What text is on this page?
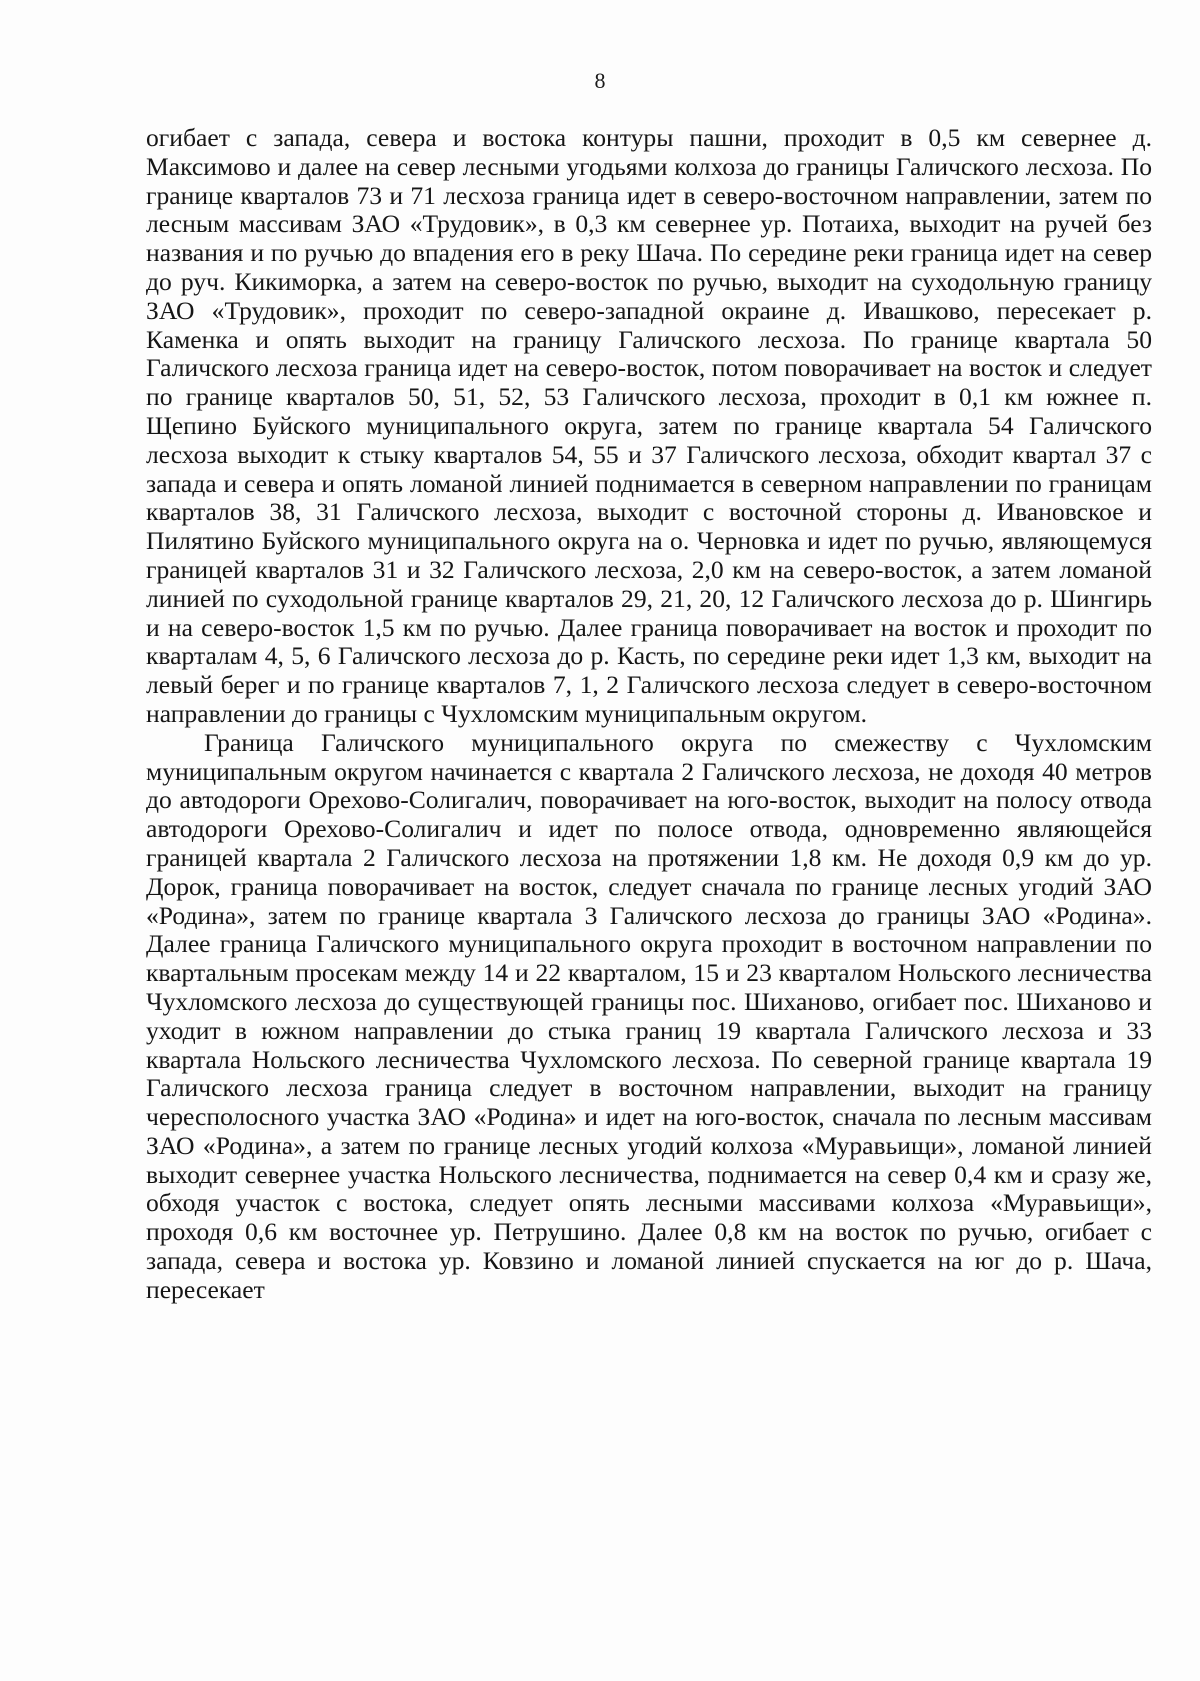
8

огибает с запада, севера и востока контуры пашни, проходит в 0,5 км севернее д. Максимово и далее на север лесными угодьями колхоза до границы Галичского лесхоза. По границе кварталов 73 и 71 лесхоза граница идет в северо-восточном направлении, затем по лесным массивам ЗАО «Трудовик», в 0,3 км севернее ур. Потаиха, выходит на ручей без названия и по ручью до впадения его в реку Шача. По середине реки граница идет на север до руч. Кикиморка, а затем на северо-восток по ручью, выходит на суходольную границу ЗАО «Трудовик», проходит по северо-западной окраине д. Ивашково, пересекает р. Каменка и опять выходит на границу Галичского лесхоза. По границе квартала 50 Галичского лесхоза граница идет на северо-восток, потом поворачивает на восток и следует по границе кварталов 50, 51, 52, 53 Галичского лесхоза, проходит в 0,1 км южнее п. Щепино Буйского муниципального округа, затем по границе квартала 54 Галичского лесхоза выходит к стыку кварталов 54, 55 и 37 Галичского лесхоза, обходит квартал 37 с запада и севера и опять ломаной линией поднимается в северном направлении по границам кварталов 38, 31 Галичского лесхоза, выходит с восточной стороны д. Ивановское и Пилятино Буйского муниципального округа на о. Черновка и идет по ручью, являющемуся границей кварталов 31 и 32 Галичского лесхоза, 2,0 км на северо-восток, а затем ломаной линией по суходольной границе кварталов 29, 21, 20, 12 Галичского лесхоза до р. Шингирь и на северо-восток 1,5 км по ручью. Далее граница поворачивает на восток и проходит по кварталам 4, 5, 6 Галичского лесхоза до р. Касть, по середине реки идет 1,3 км, выходит на левый берег и по границе кварталов 7, 1, 2 Галичского лесхоза следует в северо-восточном направлении до границы с Чухломским муниципальным округом.

Граница Галичского муниципального округа по смежеству с Чухломским муниципальным округом начинается с квартала 2 Галичского лесхоза, не доходя 40 метров до автодороги Орехово-Солигалич, поворачивает на юго-восток, выходит на полосу отвода автодороги Орехово-Солигалич и идет по полосе отвода, одновременно являющейся границей квартала 2 Галичского лесхоза на протяжении 1,8 км. Не доходя 0,9 км до ур. Дорок, граница поворачивает на восток, следует сначала по границе лесных угодий ЗАО «Родина», затем по границе квартала 3 Галичского лесхоза до границы ЗАО «Родина». Далее граница Галичского муниципального округа проходит в восточном направлении по квартальным просекам между 14 и 22 кварталом, 15 и 23 кварталом Нольского лесничества Чухломского лесхоза до существующей границы пос. Шиханово, огибает пос. Шиханово и уходит в южном направлении до стыка границ 19 квартала Галичского лесхоза и 33 квартала Нольского лесничества Чухломского лесхоза. По северной границе квартала 19 Галичского лесхоза граница следует в восточном направлении, выходит на границу чересполосного участка ЗАО «Родина» и идет на юго-восток, сначала по лесным массивам ЗАО «Родина», а затем по границе лесных угодий колхоза «Муравьищи», ломаной линией выходит севернее участка Нольского лесничества, поднимается на север 0,4 км и сразу же, обходя участок с востока, следует опять лесными массивами колхоза «Муравьищи», проходя 0,6 км восточнее ур. Петрушино. Далее 0,8 км на восток по ручью, огибает с запада, севера и востока ур. Ковзино и ломаной линией спускается на юг до р. Шача, пересекает
